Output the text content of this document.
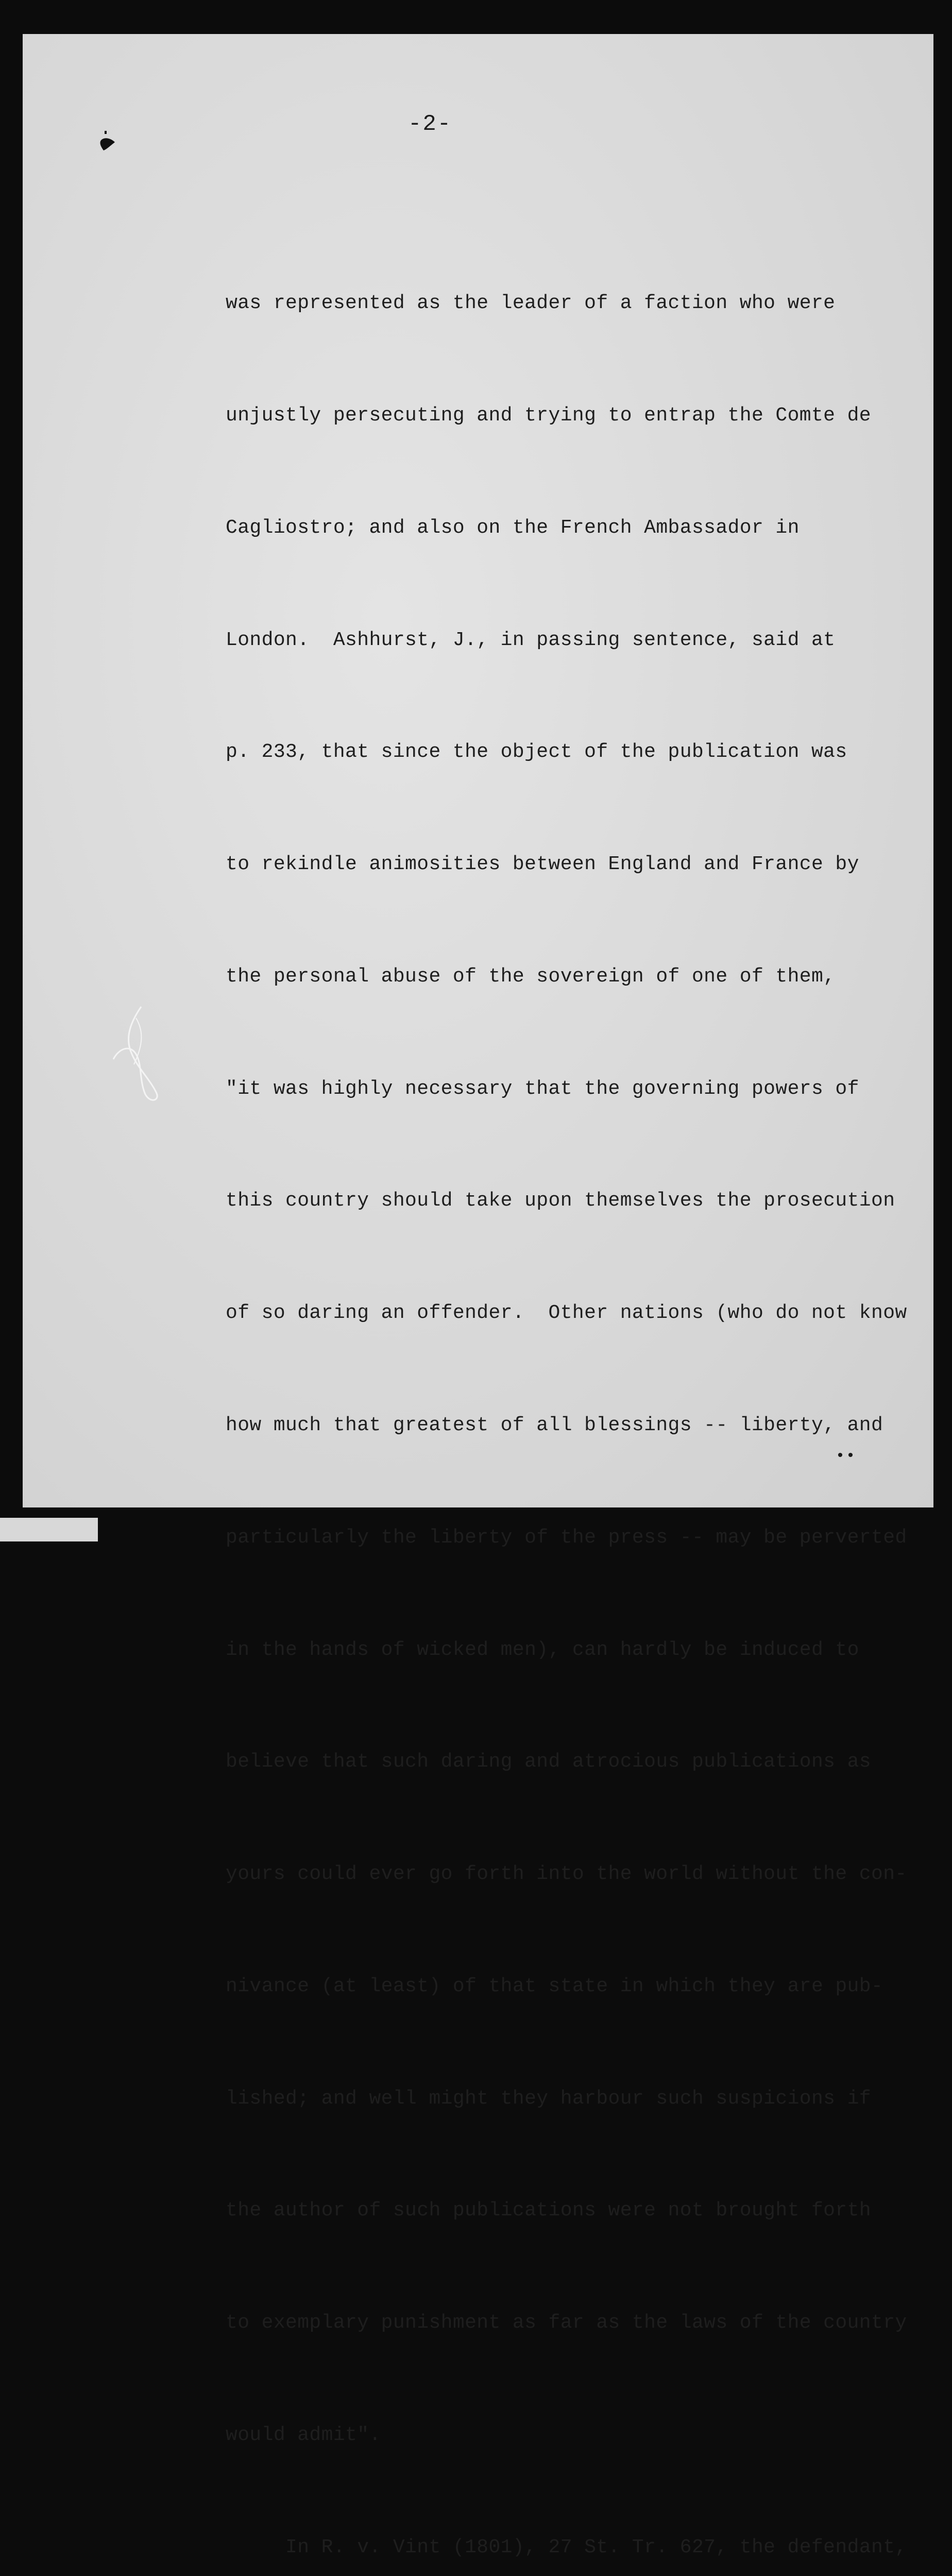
-2-

was represented as the leader of a faction who were

unjustly persecuting and trying to entrap the Comte de

Cagliostro; and also on the French Ambassador in

London.  Ashhurst, J., in passing sentence, said at

p. 233, that since the object of the publication was

to rekindle animosities between England and France by

the personal abuse of the sovereign of one of them,

"it was highly necessary that the governing powers of

this country should take upon themselves the prosecution

of so daring an offender.  Other nations (who do not know

how much that greatest of all blessings -- liberty, and

particularly the liberty of the press -- may be perverted

in the hands of wicked men), can hardly be induced to

believe that such daring and atrocious publications as

yours could ever go forth into the world without the con-

nivance (at least) of that state in which they are pub-

lished; and well might they harbour such suspicions if

the author of such publications were not brought forth

to exemplary punishment as far as the laws of the country

would admit".

In R. v. Vint (1801), 27 St. Tr. 627, the defendant,

••
